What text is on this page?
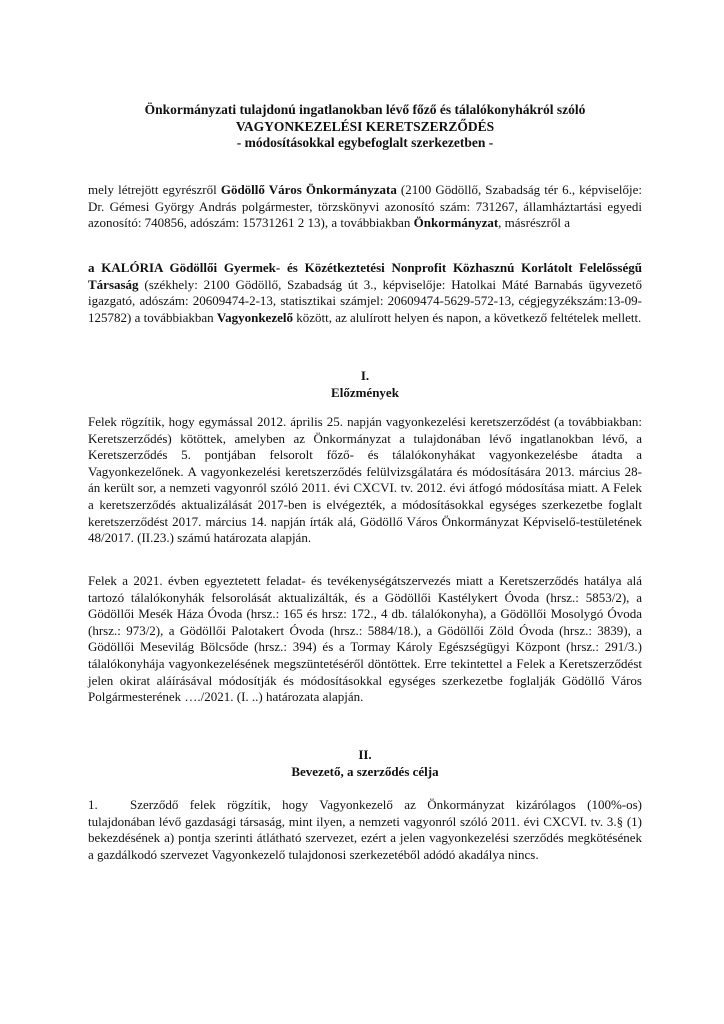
Önkormányzati tulajdonú ingatlanokban lévő főző és tálalókonyhákról szóló
VAGYONKEZELÉSI KERETSZERZŐDÉS
- módosításokkal egybefoglalt szerkezetben -

mely létrejött egyrészről Gödöllő Város Önkormányzata (2100 Gödöllő, Szabadság tér 6., képviselője: Dr. Gémesi György András polgármester, törzskönyvi azonosító szám: 731267, államháztartási egyedi azonosító: 740856, adószám: 15731261 2 13), a továbbiakban Önkormányzat, másrészről a

a KALÓRIA Gödöllői Gyermek- és Közétkeztetési Nonprofit Közhasznú Korlátolt Felelősségű Társaság (székhely: 2100 Gödöllő, Szabadság út 3., képviselője: Hatolkai Máté Barnabás ügyvezető igazgató, adószám: 20609474-2-13, statisztikai számjel: 20609474-5629-572-13, cégjegyzékszám:13-09-125782) a továbbiakban Vagyonkezelő között, az alulírott helyen és napon, a következő feltételek mellett.

I.
Előzmények

Felek rögzítik, hogy egymással 2012. április 25. napján vagyonkezelési keretszerződést (a továbbiakban: Keretszerződés) kötöttek, amelyben az Önkormányzat a tulajdonában lévő ingatlanokban lévő, a Keretszerződés 5. pontjában felsorolt főző- és tálalókonyhákat vagyonkezelésbe átadta a Vagyonkezelőnek. A vagyonkezelési keretszerződés felülvizsgálatára és módosítására 2013. március 28-án került sor, a nemzeti vagyonról szóló 2011. évi CXCVI. tv. 2012. évi átfogó módosítása miatt. A Felek a keretszerződés aktualizálását 2017-ben is elvégezték, a módosításokkal egységes szerkezetbe foglalt keretszerződést 2017. március 14. napján írták alá, Gödöllő Város Önkormányzat Képviselő-testületének 48/2017. (II.23.) számú határozata alapján.

Felek a 2021. évben egyeztetett feladat- és tevékenységátszervezés miatt a Keretszerződés hatálya alá tartozó tálalókonyhák felsorolását aktualizálták, és a Gödöllői Kastélykert Óvoda (hrsz.: 5853/2), a Gödöllői Mesék Háza Óvoda (hrsz.: 165 és hrsz: 172., 4 db. tálalókonyha), a Gödöllői Mosolygó Óvoda (hrsz.: 973/2), a Gödöllői Palotakert Óvoda (hrsz.: 5884/18.), a Gödöllői Zöld Óvoda (hrsz.: 3839), a Gödöllői Mesevilág Bölcsőde (hrsz.: 394) és a Tormay Károly Egészségügyi Központ (hrsz.: 291/3.) tálalókonyhája vagyonkezelésének megszüntetéséről döntöttek. Erre tekintettel a Felek a Keretszerződést jelen okirat aláírásával módosítják és módosításokkal egységes szerkezetbe foglalják Gödöllő Város Polgármesterének …./2021. (I. ..) határozata alapján.

II.
Bevezető, a szerződés célja

1. Szerződő felek rögzítik, hogy Vagyonkezelő az Önkormányzat kizárólagos (100%-os) tulajdonában lévő gazdasági társaság, mint ilyen, a nemzeti vagyonról szóló 2011. évi CXCVI. tv. 3.§ (1) bekezdésének a) pontja szerinti átlátható szervezet, ezért a jelen vagyonkezelési szerződés megkötésének a gazdálkodó szervezet Vagyonkezelő tulajdonosi szerkezetéből adódó akadálya nincs.
